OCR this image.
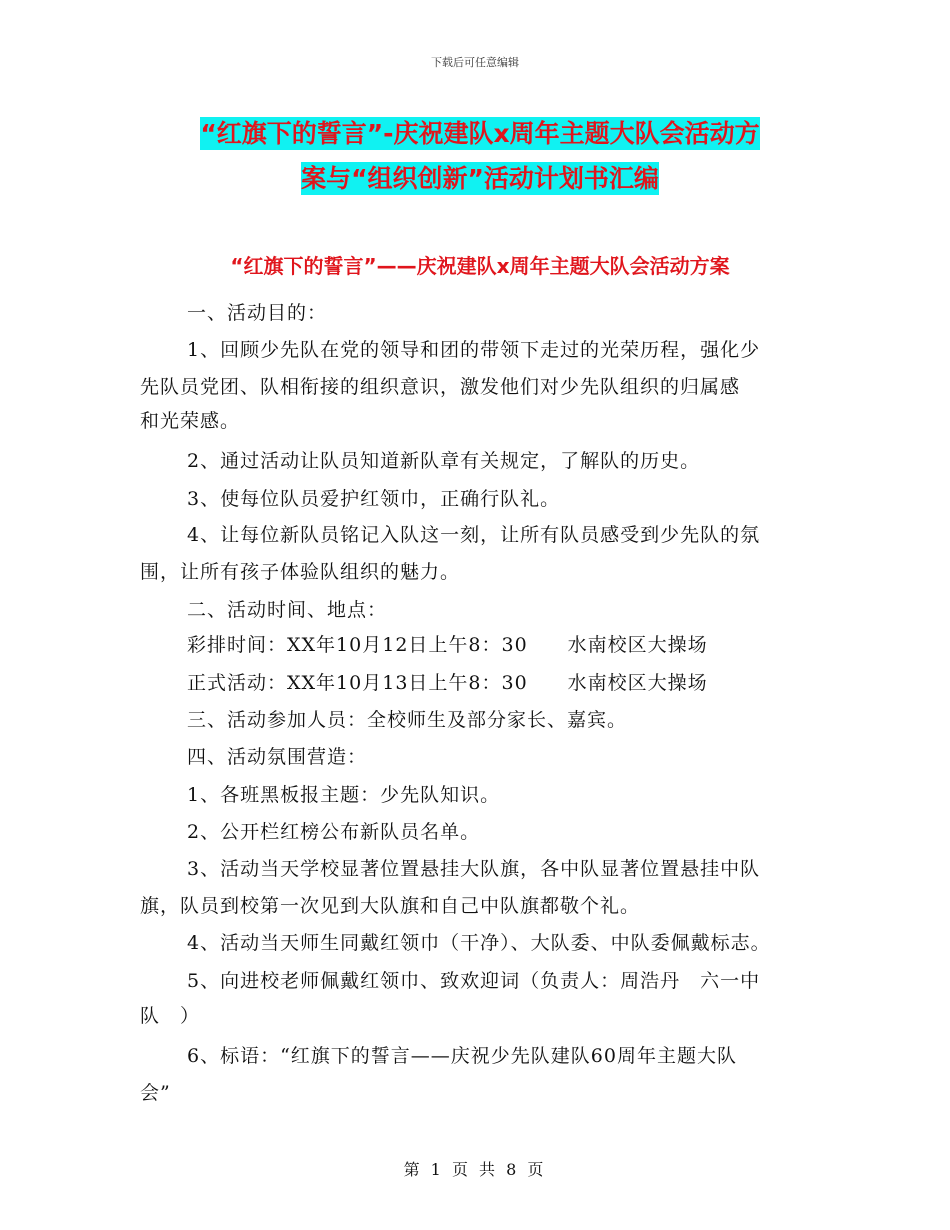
下载后可任意编辑
“红旗下的誓言”-庆祝建队x周年主题大队会活动方
案与“组织创新”活动计划书汇编
“红旗下的誓言”——庆祝建队x周年主题大队会活动方案
一、活动目的：
1、回顾少先队在党的领导和团的带领下走过的光荣历程，强化少
先队员党团、队相衔接的组织意识，激发他们对少先队组织的归属感
和光荣感。
2、通过活动让队员知道新队章有关规定，了解队的历史。
3、使每位队员爱护红领巾，正确行队礼。
4、让每位新队员铭记入队这一刻，让所有队员感受到少先队的氛
围，让所有孩子体验队组织的魅力。
二、活动时间、地点：
彩排时间：XX年10月12日上午8：30　　水南校区大操场
正式活动：XX年10月13日上午8：30　　水南校区大操场
三、活动参加人员：全校师生及部分家长、嘉宾。
四、活动氛围营造：
1、各班黑板报主题：少先队知识。
2、公开栏红榜公布新队员名单。
3、活动当天学校显著位置悬挂大队旗，各中队显著位置悬挂中队
旗，队员到校第一次见到大队旗和自己中队旗都敬个礼。
4、活动当天师生同戴红领巾（干净）、大队委、中队委佩戴标志。
5、向进校老师佩戴红领巾、致欢迎词（负责人：周浩丹　六一中
队　）
6、标语：“红旗下的誓言——庆祝少先队建队60周年主题大队
会”
第 1 页 共 8 页
